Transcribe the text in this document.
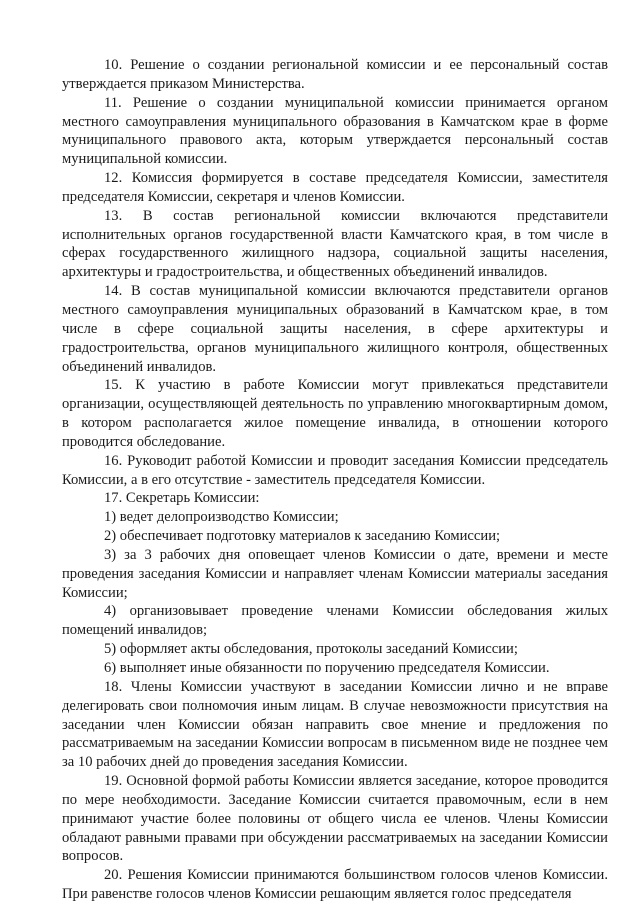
10. Решение о создании региональной комиссии и ее персональный состав утверждается приказом Министерства.

11. Решение о создании муниципальной комиссии принимается органом местного самоуправления муниципального образования в Камчатском крае в форме муниципального правового акта, которым утверждается персональный состав муниципальной комиссии.

12. Комиссия формируется в составе председателя Комиссии, заместителя председателя Комиссии, секретаря и членов Комиссии.

13. В состав региональной комиссии включаются представители исполнительных органов государственной власти Камчатского края, в том числе в сферах государственного жилищного надзора, социальной защиты населения, архитектуры и градостроительства, и общественных объединений инвалидов.

14. В состав муниципальной комиссии включаются представители органов местного самоуправления муниципальных образований в Камчатском крае, в том числе в сфере социальной защиты населения, в сфере архитектуры и градостроительства, органов муниципального жилищного контроля, общественных объединений инвалидов.

15. К участию в работе Комиссии могут привлекаться представители организации, осуществляющей деятельность по управлению многоквартирным домом, в котором располагается жилое помещение инвалида, в отношении которого проводится обследование.

16. Руководит работой Комиссии и проводит заседания Комиссии председатель Комиссии, а в его отсутствие - заместитель председателя Комиссии.

17. Секретарь Комиссии:

1) ведет делопроизводство Комиссии;

2) обеспечивает подготовку материалов к заседанию Комиссии;

3) за 3 рабочих дня оповещает членов Комиссии о дате, времени и месте проведения заседания Комиссии и направляет членам Комиссии материалы заседания Комиссии;

4) организовывает проведение членами Комиссии обследования жилых помещений инвалидов;

5) оформляет акты обследования, протоколы заседаний Комиссии;

6) выполняет иные обязанности по поручению председателя Комиссии.

18. Члены Комиссии участвуют в заседании Комиссии лично и не вправе делегировать свои полномочия иным лицам. В случае невозможности присутствия на заседании член Комиссии обязан направить свое мнение и предложения по рассматриваемым на заседании Комиссии вопросам в письменном виде не позднее чем за 10 рабочих дней до проведения заседания Комиссии.

19. Основной формой работы Комиссии является заседание, которое проводится по мере необходимости. Заседание Комиссии считается правомочным, если в нем принимают участие более половины от общего числа ее членов. Члены Комиссии обладают равными правами при обсуждении рассматриваемых на заседании Комиссии вопросов.

20. Решения Комиссии принимаются большинством голосов членов Комиссии. При равенстве голосов членов Комиссии решающим является голос председателя
